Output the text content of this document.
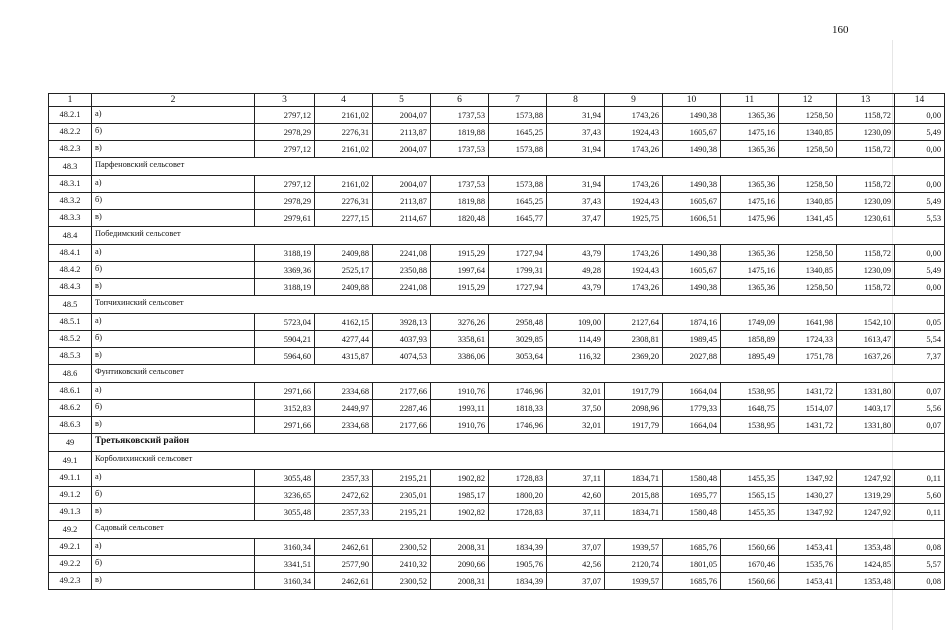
160
1	2	3	4	5	6	7	8	9	10	11	12	13	14
48.2.1	а)	2797,12	2161,02	2004,07	1737,53	1573,88	31,94	1743,26	1490,38	1365,36	1258,50	1158,72	0,00
48.2.2	б)	2978,29	2276,31	2113,87	1819,88	1645,25	37,43	1924,43	1605,67	1475,16	1340,85	1230,09	5,49
48.2.3	в)	2797,12	2161,02	2004,07	1737,53	1573,88	31,94	1743,26	1490,38	1365,36	1258,50	1158,72	0,00
48.3	Парфеновский сельсовет												
48.3.1	а)	2797,12	2161,02	2004,07	1737,53	1573,88	31,94	1743,26	1490,38	1365,36	1258,50	1158,72	0,00
48.3.2	б)	2978,29	2276,31	2113,87	1819,88	1645,25	37,43	1924,43	1605,67	1475,16	1340,85	1230,09	5,49
48.3.3	в)	2979,61	2277,15	2114,67	1820,48	1645,77	37,47	1925,75	1606,51	1475,96	1341,45	1230,61	5,53
48.4	Победимский сельсовет												
48.4.1	а)	3188,19	2409,88	2241,08	1915,29	1727,94	43,79	1743,26	1490,38	1365,36	1258,50	1158,72	0,00
48.4.2	б)	3369,36	2525,17	2350,88	1997,64	1799,31	49,28	1924,43	1605,67	1475,16	1340,85	1230,09	5,49
48.4.3	в)	3188,19	2409,88	2241,08	1915,29	1727,94	43,79	1743,26	1490,38	1365,36	1258,50	1158,72	0,00
48.5	Топчихинский сельсовет												
48.5.1	а)	5723,04	4162,15	3928,13	3276,26	2958,48	109,00	2127,64	1874,16	1749,09	1641,98	1542,10	0,05
48.5.2	б)	5904,21	4277,44	4037,93	3358,61	3029,85	114,49	2308,81	1989,45	1858,89	1724,33	1613,47	5,54
48.5.3	в)	5964,60	4315,87	4074,53	3386,06	3053,64	116,32	2369,20	2027,88	1895,49	1751,78	1637,26	7,37
48.6	Фунтиковский сельсовет												
48.6.1	а)	2971,66	2334,68	2177,66	1910,76	1746,96	32,01	1917,79	1664,04	1538,95	1431,72	1331,80	0,07
48.6.2	б)	3152,83	2449,97	2287,46	1993,11	1818,33	37,50	2098,96	1779,33	1648,75	1514,07	1403,17	5,56
48.6.3	в)	2971,66	2334,68	2177,66	1910,76	1746,96	32,01	1917,79	1664,04	1538,95	1431,72	1331,80	0,07
49	Третьяковский район												
49.1	Корболихинский сельсовет												
49.1.1	а)	3055,48	2357,33	2195,21	1902,82	1728,83	37,11	1834,71	1580,48	1455,35	1347,92	1247,92	0,11
49.1.2	б)	3236,65	2472,62	2305,01	1985,17	1800,20	42,60	2015,88	1695,77	1565,15	1430,27	1319,29	5,60
49.1.3	в)	3055,48	2357,33	2195,21	1902,82	1728,83	37,11	1834,71	1580,48	1455,35	1347,92	1247,92	0,11
49.2	Садовый сельсовет												
49.2.1	а)	3160,34	2462,61	2300,52	2008,31	1834,39	37,07	1939,57	1685,76	1560,66	1453,41	1353,48	0,08
49.2.2	б)	3341,51	2577,90	2410,32	2090,66	1905,76	42,56	2120,74	1801,05	1670,46	1535,76	1424,85	5,57
49.2.3	в)	3160,34	2462,61	2300,52	2008,31	1834,39	37,07	1939,57	1685,76	1560,66	1453,41	1353,48	0,08
